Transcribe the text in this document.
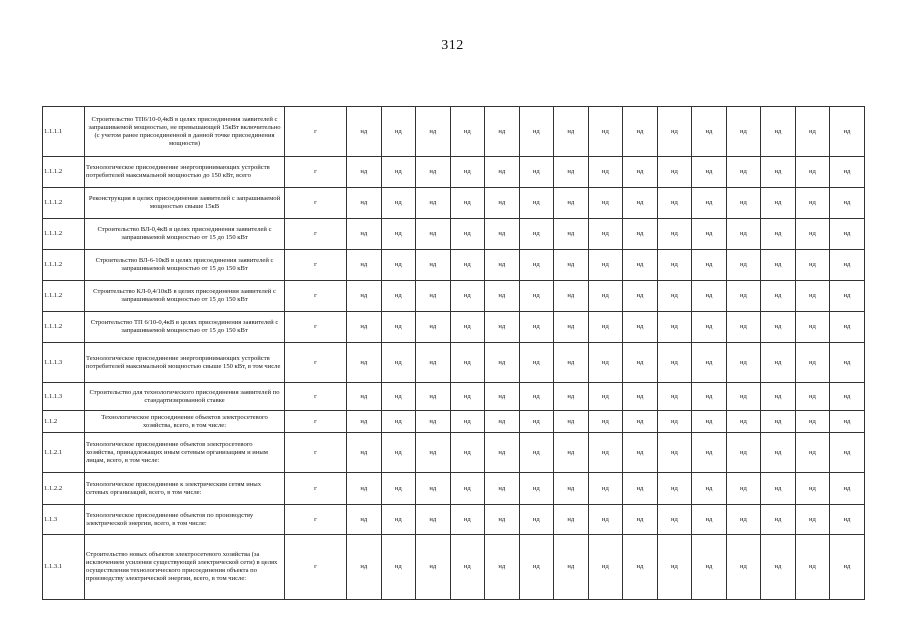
312
1.1.1.1	Строительство ТП6/10-0,4кВ в целях присоединения заявителей с запрашиваемой мощностью, не превышающей 15кВт включительно (с учетом ранее присоединенной в данной точке присоединения мощности)	г	нд	нд	нд	нд	нд	нд	нд	нд	нд	нд	нд	нд	нд	нд	нд
1.1.1.2	Технологическое присоединение энергопринимающих устройств потребителей максимальной мощностью до 150 кВт, всего	г	нд	нд	нд	нд	нд	нд	нд	нд	нд	нд	нд	нд	нд	нд	нд
1.1.1.2	Реконструкция в целях присоединения заявителей с запрашиваемой мощностью свыше 15кВ	г	нд	нд	нд	нд	нд	нд	нд	нд	нд	нд	нд	нд	нд	нд	нд
1.1.1.2	Строительство ВЛ-0,4кВ в целях присоединения заявителей с запрашиваемой мощностью от 15 до 150 кВт	г	нд	нд	нд	нд	нд	нд	нд	нд	нд	нд	нд	нд	нд	нд	нд
1.1.1.2	Строительство ВЛ-6-10кВ в целях присоединения заявителей с запрашиваемой мощностью от 15 до 150 кВт	г	нд	нд	нд	нд	нд	нд	нд	нд	нд	нд	нд	нд	нд	нд	нд
1.1.1.2	Строительство КЛ-0,4/10кВ в целях присоединения заявителей с запрашиваемой мощностью от 15 до 150 кВт	г	нд	нд	нд	нд	нд	нд	нд	нд	нд	нд	нд	нд	нд	нд	нд
1.1.1.2	Строительство ТП 6/10-0,4кВ в целях присоединения заявителей с запрашиваемой мощностью от 15 до 150 кВт	г	нд	нд	нд	нд	нд	нд	нд	нд	нд	нд	нд	нд	нд	нд	нд
1.1.1.3	Технологическое присоединение энергопринимающих устройств потребителей максимальной мощностью свыше 150 кВт, в том числе	г	нд	нд	нд	нд	нд	нд	нд	нд	нд	нд	нд	нд	нд	нд	нд
1.1.1.3	Строительство для технологического присоединения заявителей по стандартизированной ставке	г	нд	нд	нд	нд	нд	нд	нд	нд	нд	нд	нд	нд	нд	нд	нд
1.1.2	Технологическое присоединение объектов электросетевого хозяйства, всего, в том числе:	г	нд	нд	нд	нд	нд	нд	нд	нд	нд	нд	нд	нд	нд	нд	нд
1.1.2.1	Технологическое присоединение объектов электросетевого хозяйства, принадлежащих иным сетевым организациям и иным лицам, всего, в том числе:	г	нд	нд	нд	нд	нд	нд	нд	нд	нд	нд	нд	нд	нд	нд	нд
1.1.2.2	Технологическое присоединение к электрическим сетям иных сетевых организаций, всего, в том числе:	г	нд	нд	нд	нд	нд	нд	нд	нд	нд	нд	нд	нд	нд	нд	нд
1.1.3	Технологическое присоединение объектов по производству электрической энергии, всего, в том числе:	г	нд	нд	нд	нд	нд	нд	нд	нд	нд	нд	нд	нд	нд	нд	нд
1.1.3.1	Строительство новых объектов электросетевого хозяйства (за исключением усиления существующей электрической сети) в целях осуществления технологического присоединения объекта по производству электрической энергии, всего, в том числе:	г	нд	нд	нд	нд	нд	нд	нд	нд	нд	нд	нд	нд	нд	нд	нд
